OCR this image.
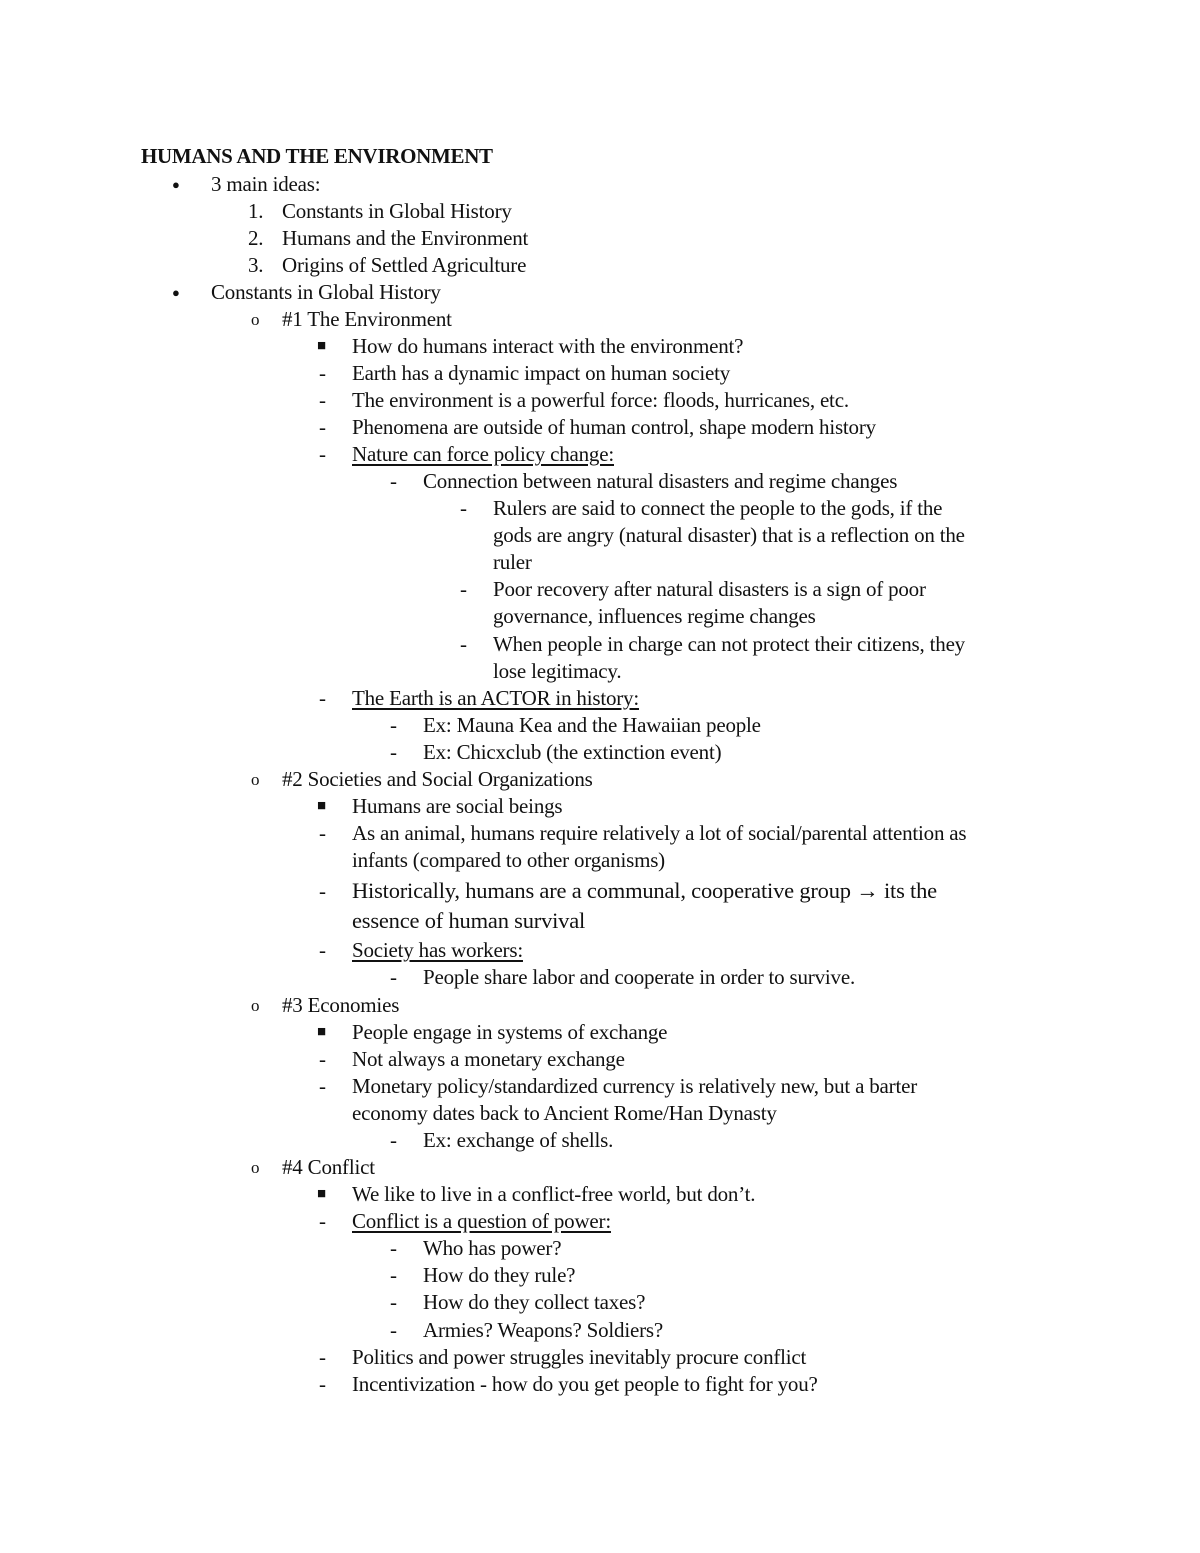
HUMANS AND THE ENVIRONMENT
● 3 main ideas:
1. Constants in Global History
2. Humans and the Environment
3. Origins of Settled Agriculture
● Constants in Global History
o #1 The Environment
■ How do humans interact with the environment?
- Earth has a dynamic impact on human society
- The environment is a powerful force: floods, hurricanes, etc.
- Phenomena are outside of human control, shape modern history
- Nature can force policy change:
- Connection between natural disasters and regime changes
- Rulers are said to connect the people to the gods, if the
gods are angry (natural disaster) that is a reflection on the
ruler
- Poor recovery after natural disasters is a sign of poor
governance, influences regime changes
- When people in charge can not protect their citizens, they
lose legitimacy.
- The Earth is an ACTOR in history:
- Ex: Mauna Kea and the Hawaiian people
- Ex: Chicxclub (the extinction event)
o #2 Societies and Social Organizations
■ Humans are social beings
- As an animal, humans require relatively a lot of social/parental attention as
infants (compared to other organisms)
- Historically, humans are a communal, cooperative group → its the
essence of human survival
- Society has workers:
- People share labor and cooperate in order to survive.
o #3 Economies
■ People engage in systems of exchange
- Not always a monetary exchange
- Monetary policy/standardized currency is relatively new, but a barter
economy dates back to Ancient Rome/Han Dynasty
- Ex: exchange of shells.
o #4 Conflict
■ We like to live in a conflict-free world, but don’t.
- Conflict is a question of power:
- Who has power?
- How do they rule?
- How do they collect taxes?
- Armies? Weapons? Soldiers?
- Politics and power struggles inevitably procure conflict
- Incentivization - how do you get people to fight for you?
